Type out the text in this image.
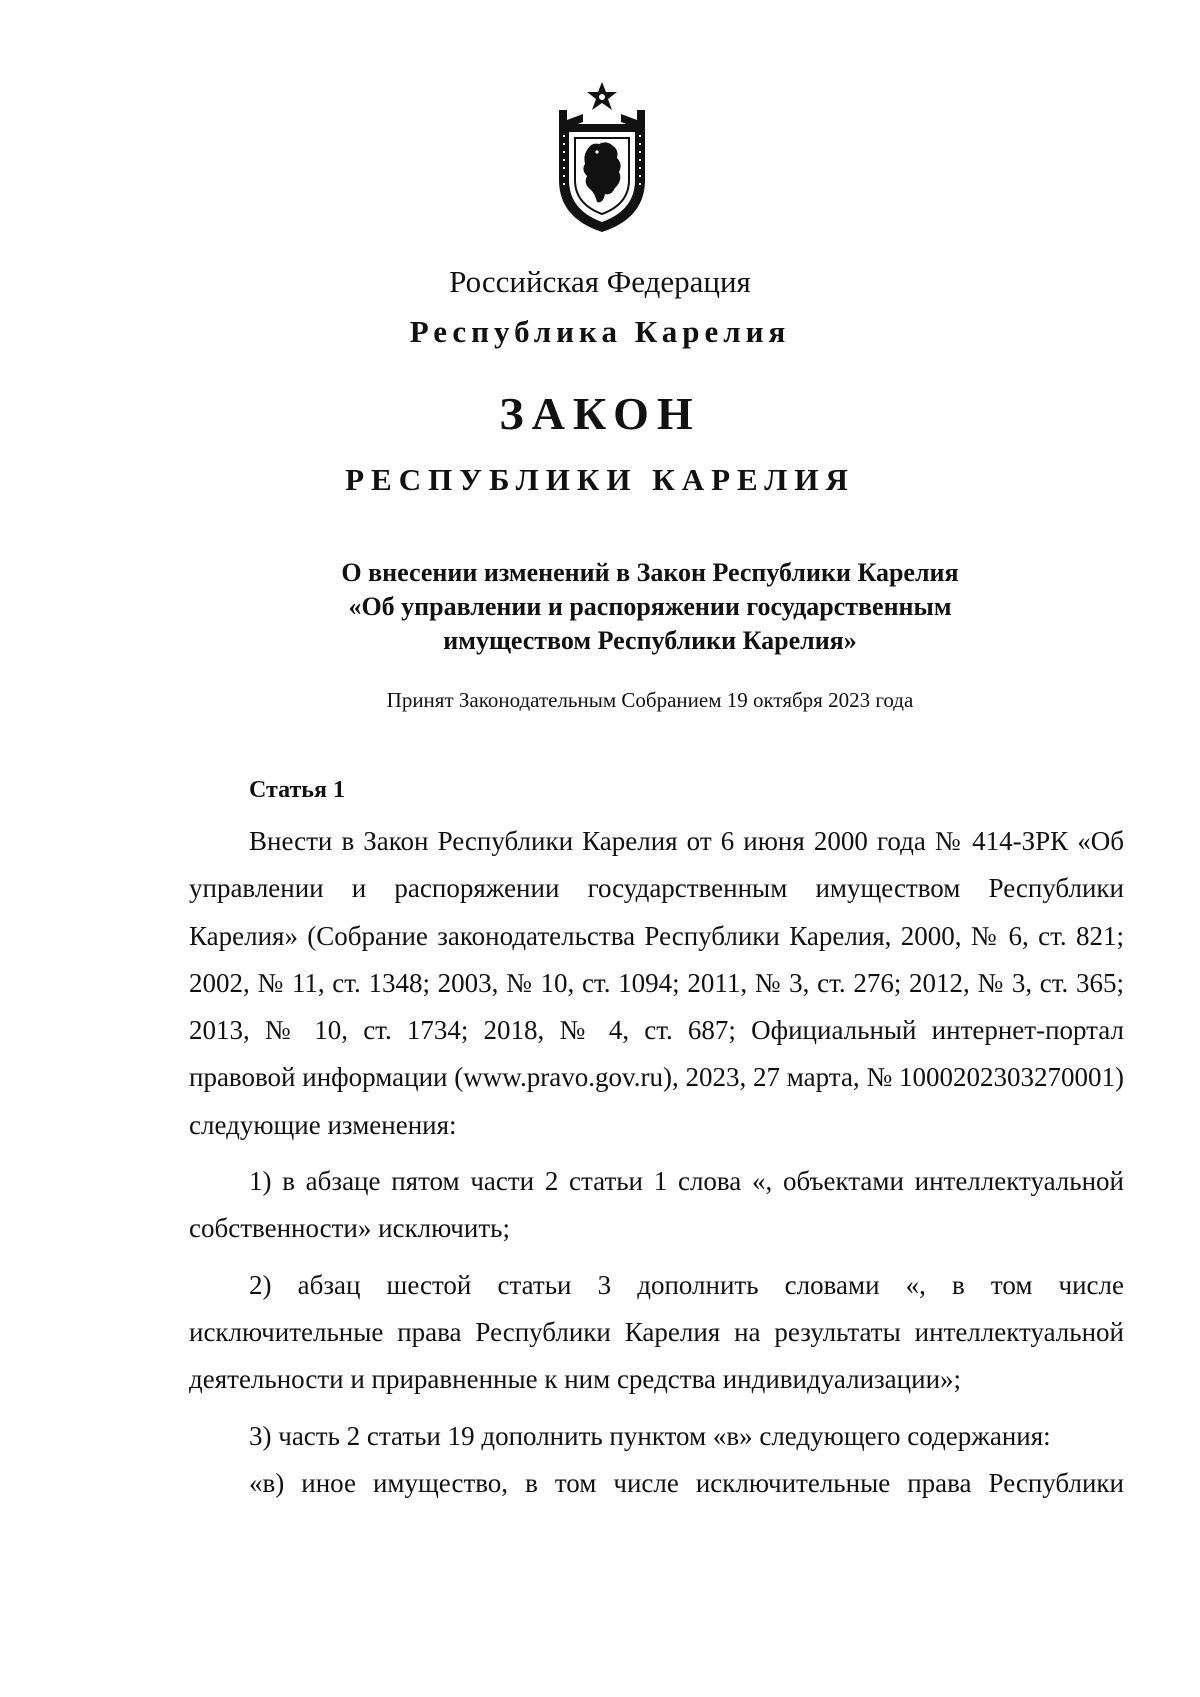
Российская Федерация
Республика Карелия
ЗАКОН
РЕСПУБЛИКИ КАРЕЛИЯ
О внесении изменений в Закон Республики Карелия
«Об управлении и распоряжении государственным
имуществом Республики Карелия»
Принят Законодательным Собранием 19 октября 2023 года
Статья 1

Внести в Закон Республики Карелия от 6 июня 2000 года № 414-ЗРК «Об управлении и распоряжении государственным имуществом Республики Карелия» (Собрание законодательства Республики Карелия, 2000, № 6, ст. 821; 2002, № 11, ст. 1348; 2003, № 10, ст. 1094; 2011, № 3, ст. 276; 2012, № 3, ст. 365; 2013, № 10, ст. 1734; 2018, № 4, ст. 687; Официальный интернет-портал правовой информации (www.pravo.gov.ru), 2023, 27 марта, № 1000202303270001) следующие изменения:

1) в абзаце пятом части 2 статьи 1 слова «, объектами интеллектуальной собственности» исключить;

2) абзац шестой статьи 3 дополнить словами «, в том числе исключительные права Республики Карелия на результаты интеллектуальной деятельности и приравненные к ним средства индивидуализации»;

3) часть 2 статьи 19 дополнить пунктом «в» следующего содержания:

«в) иное имущество, в том числе исключительные права Республики
